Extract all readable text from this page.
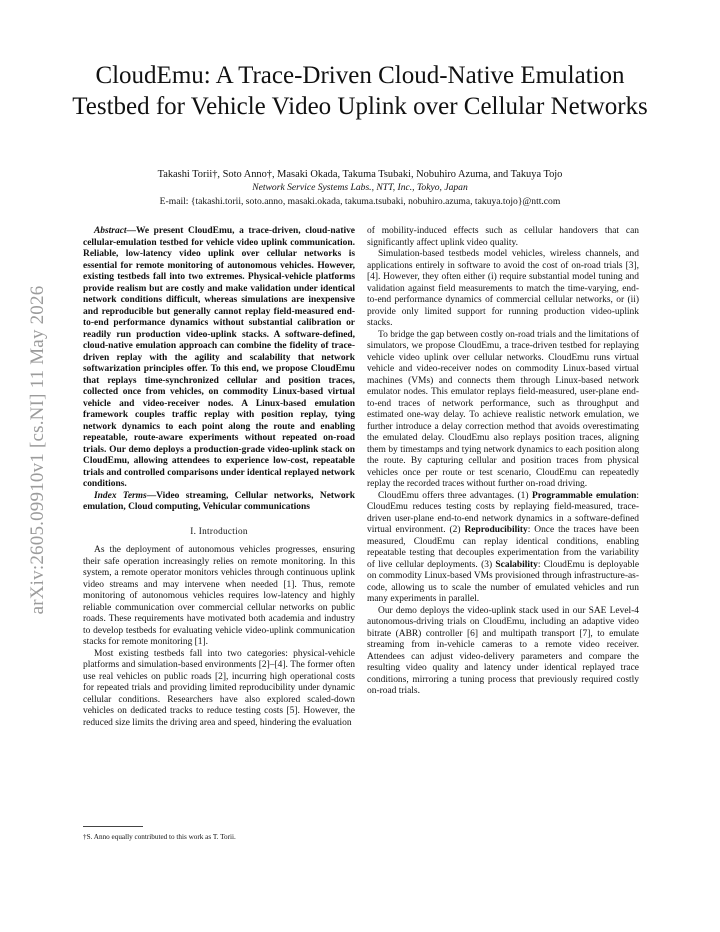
arXiv:2605.09910v1 [cs.NI] 11 May 2026
CloudEmu: A Trace-Driven Cloud-Native Emulation Testbed for Vehicle Video Uplink over Cellular Networks
Takashi Torii†, Soto Anno†, Masaki Okada, Takuma Tsubaki, Nobuhiro Azuma, and Takuya Tojo
Network Service Systems Labs., NTT, Inc., Tokyo, Japan
E-mail: {takashi.torii, soto.anno, masaki.okada, takuma.tsubaki, nobuhiro.azuma, takuya.tojo}@ntt.com

Abstract—We present CloudEmu, a trace-driven, cloud-native cellular-emulation testbed for vehicle video uplink communication. Reliable, low-latency video uplink over cellular networks is essential for remote monitoring of autonomous vehicles. However, existing testbeds fall into two extremes. Physical-vehicle platforms provide realism but are costly and make validation under identical network conditions difficult, whereas simulations are inexpensive and reproducible but generally cannot replay field-measured end-to-end performance dynamics without substantial calibration or readily run production video-uplink stacks. A software-defined, cloud-native emulation approach can combine the fidelity of trace-driven replay with the agility and scalability that network softwarization principles offer. To this end, we propose CloudEmu that replays time-synchronized cellular and position traces, collected once from vehicles, on commodity Linux-based virtual vehicle and video-receiver nodes. A Linux-based emulation framework couples traffic replay with position replay, tying network dynamics to each point along the route and enabling repeatable, route-aware experiments without repeated on-road trials. Our demo deploys a production-grade video-uplink stack on CloudEmu, allowing attendees to experience low-cost, repeatable trials and controlled comparisons under identical replayed network conditions.

Index Terms—Video streaming, Cellular networks, Network emulation, Cloud computing, Vehicular communications

I. Introduction

As the deployment of autonomous vehicles progresses, ensuring their safe operation increasingly relies on remote monitoring. In this system, a remote operator monitors vehicles through continuous uplink video streams and may intervene when needed [1]. Thus, remote monitoring of autonomous vehicles requires low-latency and highly reliable communication over commercial cellular networks on public roads. These requirements have motivated both academia and industry to develop testbeds for evaluating vehicle video-uplink communication stacks for remote monitoring [1].

Most existing testbeds fall into two categories: physical-vehicle platforms and simulation-based environments [2]–[4]. The former often use real vehicles on public roads [2], incurring high operational costs for repeated trials and providing limited reproducibility under dynamic cellular conditions. Researchers have also explored scaled-down vehicles on dedicated tracks to reduce testing costs [5]. However, the reduced size limits the driving area and speed, hindering the evaluation

of mobility-induced effects such as cellular handovers that can significantly affect uplink video quality.

Simulation-based testbeds model vehicles, wireless channels, and applications entirely in software to avoid the cost of on-road trials [3], [4]. However, they often either (i) require substantial model tuning and validation against field measurements to match the time-varying, end-to-end performance dynamics of commercial cellular networks, or (ii) provide only limited support for running production video-uplink stacks.

To bridge the gap between costly on-road trials and the limitations of simulators, we propose CloudEmu, a trace-driven testbed for replaying vehicle video uplink over cellular networks. CloudEmu runs virtual vehicle and video-receiver nodes on commodity Linux-based virtual machines (VMs) and connects them through Linux-based network emulator nodes. This emulator replays field-measured, user-plane end-to-end traces of network performance, such as throughput and estimated one-way delay. To achieve realistic network emulation, we further introduce a delay correction method that avoids overestimating the emulated delay. CloudEmu also replays position traces, aligning them by timestamps and tying network dynamics to each position along the route. By capturing cellular and position traces from physical vehicles once per route or test scenario, CloudEmu can repeatedly replay the recorded traces without further on-road driving.

CloudEmu offers three advantages. (1) Programmable emulation: CloudEmu reduces testing costs by replaying field-measured, trace-driven user-plane end-to-end network dynamics in a software-defined virtual environment. (2) Reproducibility: Once the traces have been measured, CloudEmu can replay identical conditions, enabling repeatable testing that decouples experimentation from the variability of live cellular deployments. (3) Scalability: CloudEmu is deployable on commodity Linux-based VMs provisioned through infrastructure-as-code, allowing us to scale the number of emulated vehicles and run many experiments in parallel.

Our demo deploys the video-uplink stack used in our SAE Level-4 autonomous-driving trials on CloudEmu, including an adaptive video bitrate (ABR) controller [6] and multipath transport [7], to emulate streaming from in-vehicle cameras to a remote video receiver. Attendees can adjust video-delivery parameters and compare the resulting video quality and latency under identical replayed trace conditions, mirroring a tuning process that previously required costly on-road trials.

†S. Anno equally contributed to this work as T. Torii.
